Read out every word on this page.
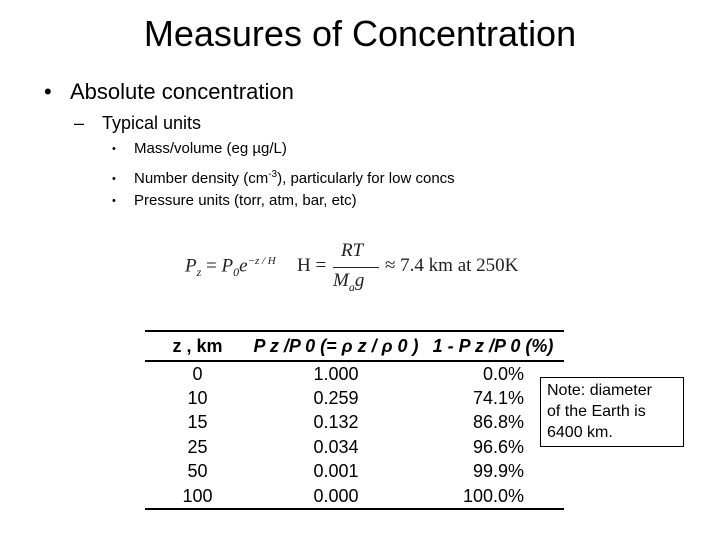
Measures of Concentration
• Absolute concentration
– Typical units
• Mass/volume (eg µg/L)
• Number density $(cm^{-3})$, particularly for low concs
• Pressure units (torr, atm, bar, etc)
$P_z = P_0e^{-z / H}$ H =
RT
$M_ag$
≈ 7.4 km at 250K
z , km	P z /P 0 (= ρ z / ρ 0 )	1 - P z /P 0 (%)
0	1.000	0.0%
10	0.259	74.1%
15	0.132	86.8%
25	0.034	96.6%
50	0.001	99.9%
100	0.000	100.0%
Note: diameter
of the Earth is
6400 km.
